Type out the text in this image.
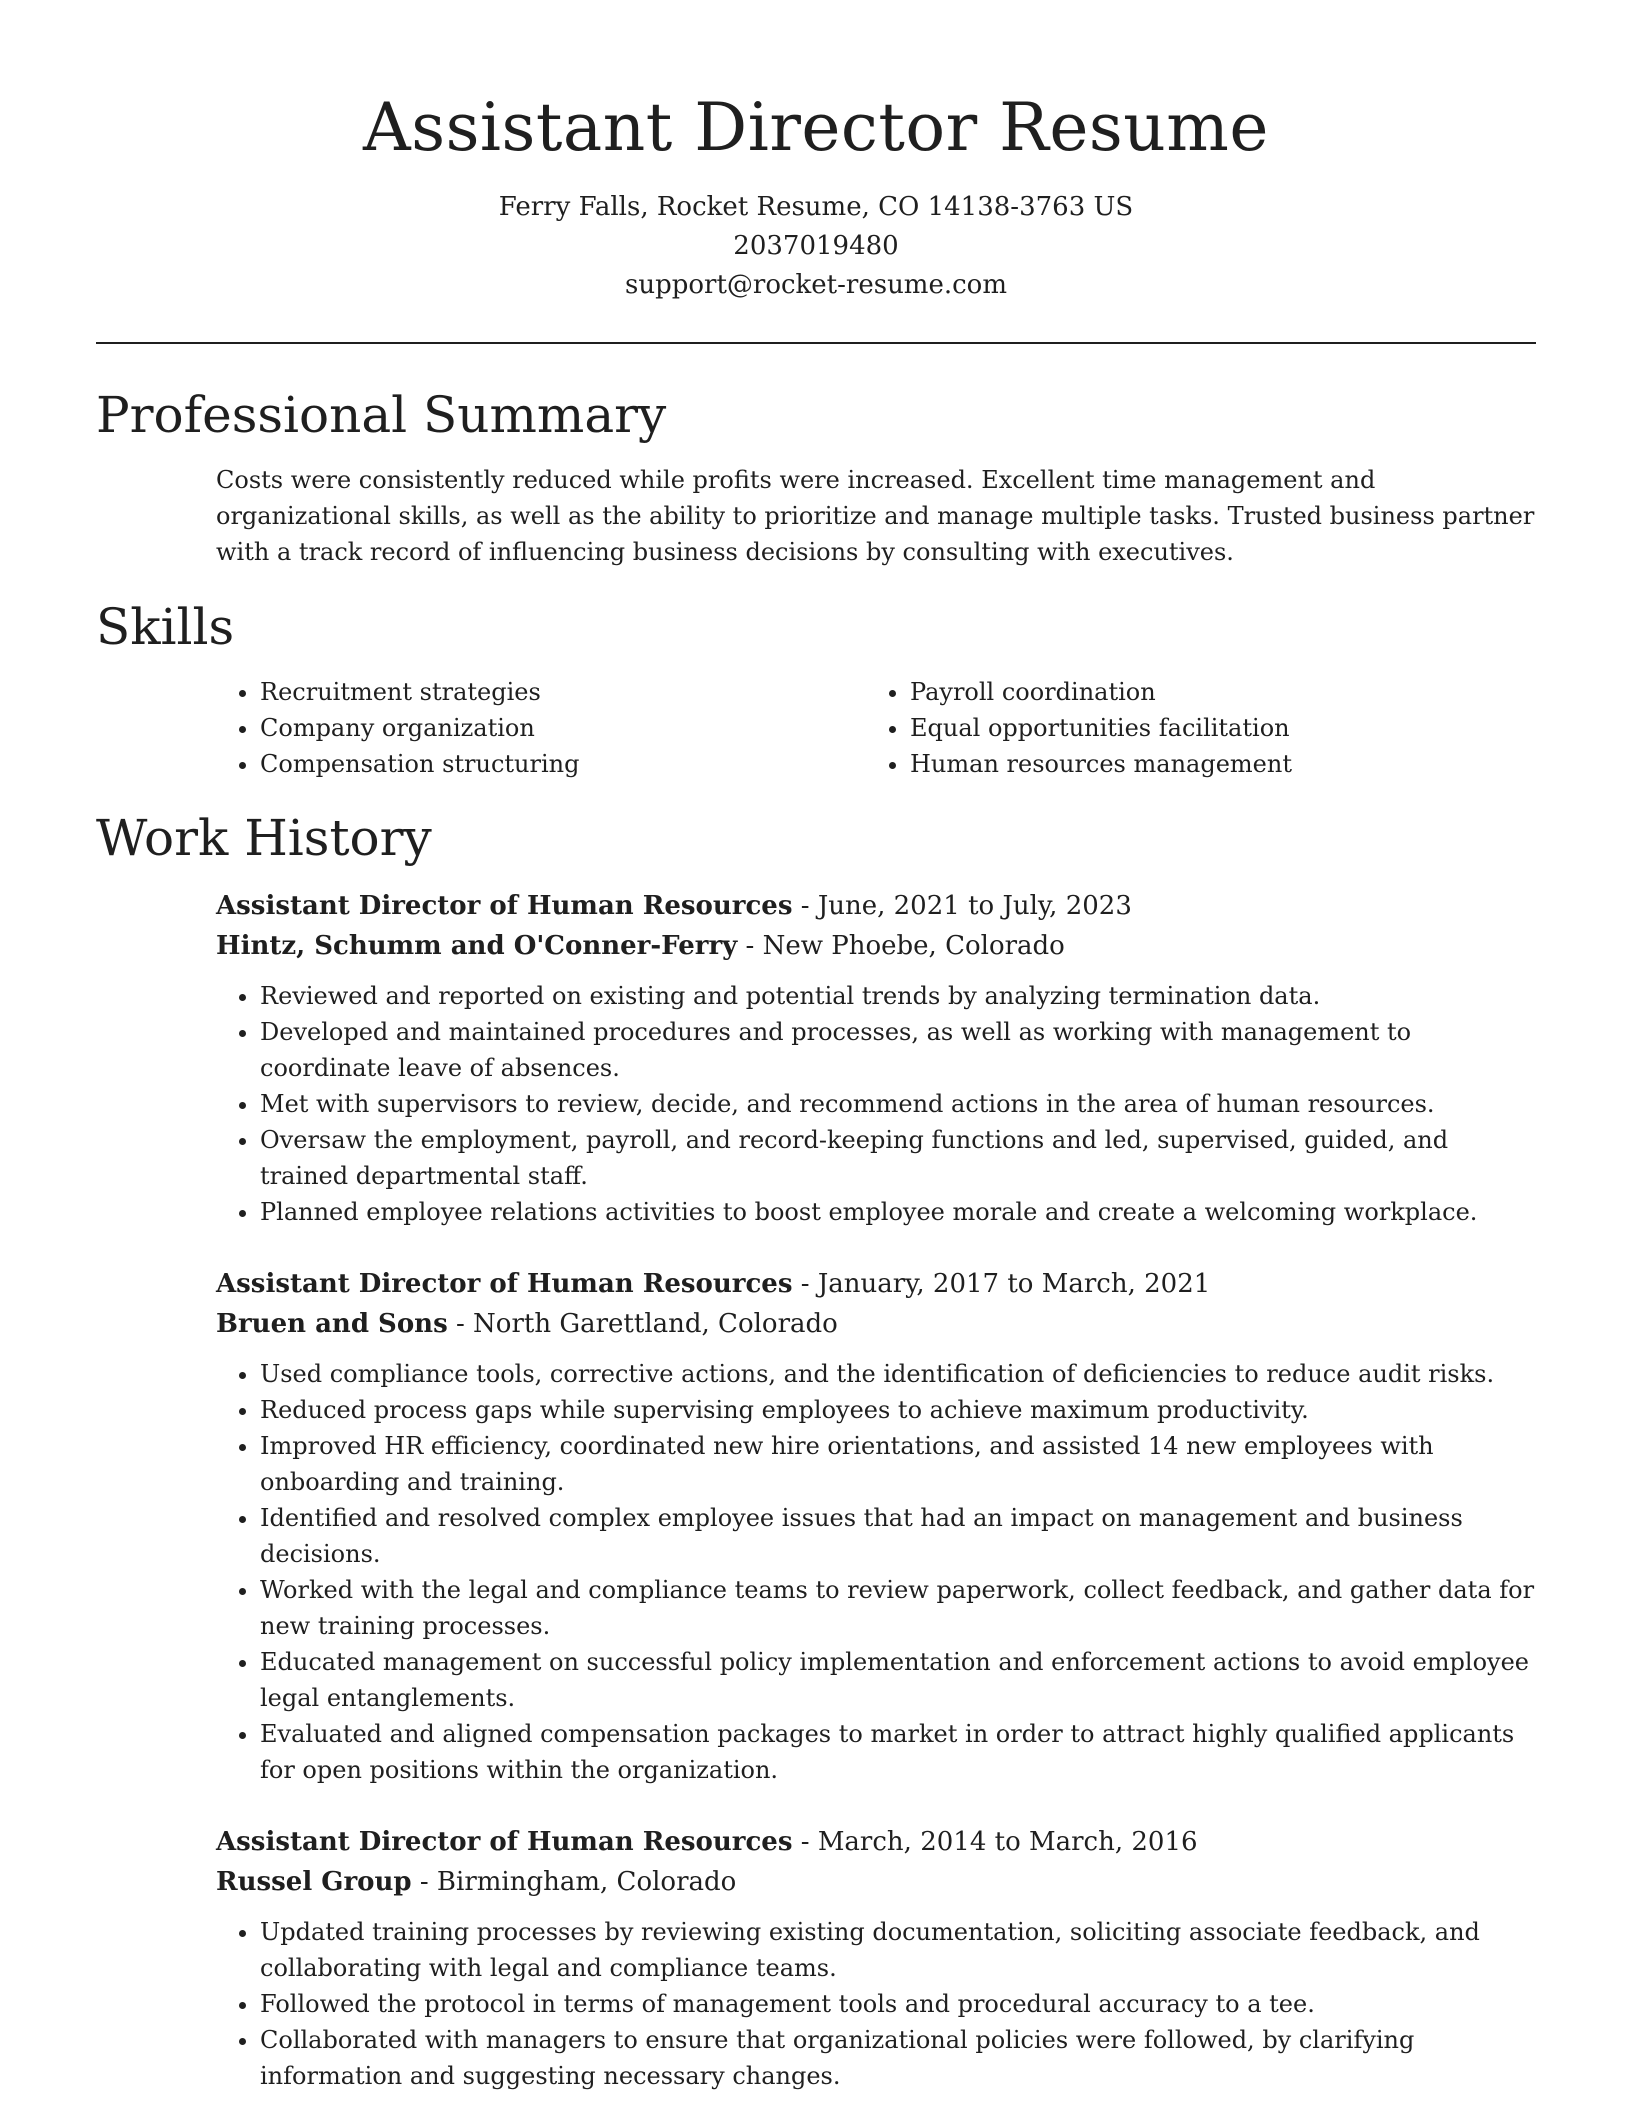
Assistant Director Resume
Ferry Falls, Rocket Resume, CO 14138-3763 US
2037019480
support@rocket-resume.com
Professional Summary

Costs were consistently reduced while profits were increased. Excellent time management and organizational skills, as well as the ability to prioritize and manage multiple tasks. Trusted business partner with a track record of influencing business decisions by consulting with executives.

Skills
• Recruitment strategies
• Company organization
• Compensation structuring
• Payroll coordination
• Equal opportunities facilitation
• Human resources management
Work History
Assistant Director of Human Resources - June, 2021 to July, 2023
Hintz, Schumm and O'Conner-Ferry - New Phoebe, Colorado
• Reviewed and reported on existing and potential trends by analyzing termination data.
• Developed and maintained procedures and processes, as well as working with management to coordinate leave of absences.
• Met with supervisors to review, decide, and recommend actions in the area of human resources.
• Oversaw the employment, payroll, and record-keeping functions and led, supervised, guided, and trained departmental staff.
• Planned employee relations activities to boost employee morale and create a welcoming workplace.
Assistant Director of Human Resources - January, 2017 to March, 2021
Bruen and Sons - North Garettland, Colorado
• Used compliance tools, corrective actions, and the identification of deficiencies to reduce audit risks.
• Reduced process gaps while supervising employees to achieve maximum productivity.
• Improved HR efficiency, coordinated new hire orientations, and assisted 14 new employees with onboarding and training.
• Identified and resolved complex employee issues that had an impact on management and business decisions.
• Worked with the legal and compliance teams to review paperwork, collect feedback, and gather data for new training processes.
• Educated management on successful policy implementation and enforcement actions to avoid employee legal entanglements.
• Evaluated and aligned compensation packages to market in order to attract highly qualified applicants for open positions within the organization.
Assistant Director of Human Resources - March, 2014 to March, 2016
Russel Group - Birmingham, Colorado
• Updated training processes by reviewing existing documentation, soliciting associate feedback, and collaborating with legal and compliance teams.
• Followed the protocol in terms of management tools and procedural accuracy to a tee.
• Collaborated with managers to ensure that organizational policies were followed, by clarifying information and suggesting necessary changes.
